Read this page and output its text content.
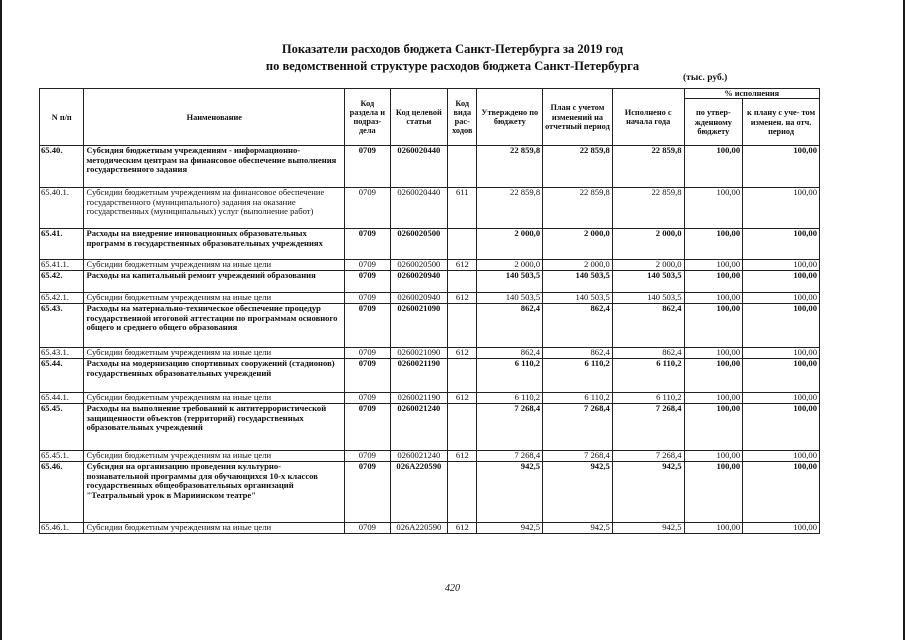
Показатели расходов бюджета Санкт-Петербурга за 2019 год
по ведомственной структуре расходов бюджета Санкт-Петербурга
(тыс. руб.)
N п/п	Наименование	Код раздела и подраз- дела	Код целевой статьи	Код вида рас- ходов	Утверждено по бюджету	План с учетом изменений на отчетный период	Исполнено с начала года	% исполнения	
								по утвер- жденному бюджету	к плану с уче- том изменен. на отч. период
65.40.	Субсидия бюджетным учреждениям - информационно-методическим центрам на финансовое обеспечение выполнения государственного задания	0709	0260020440		22 859,8	22 859,8	22 859,8	100,00	100,00
65.40.1.	Субсидии бюджетным учреждениям на финансовое обеспечение государственного (муниципального) задания на оказание государственных (муниципальных) услуг (выполнение работ)	0709	0260020440	611	22 859,8	22 859,8	22 859,8	100,00	100,00
65.41.	Расходы на внедрение инновационных образовательных программ в государственных образовательных учреждениях	0709	0260020500		2 000,0	2 000,0	2 000,0	100,00	100,00
65.41.1.	Субсидии бюджетным учреждениям на иные цели	0709	0260020500	612	2 000,0	2 000,0	2 000,0	100,00	100,00
65.42.	Расходы на капитальный ремонт учреждений образования	0709	0260020940		140 503,5	140 503,5	140 503,5	100,00	100,00
65.42.1.	Субсидии бюджетным учреждениям на иные цели	0709	0260020940	612	140 503,5	140 503,5	140 503,5	100,00	100,00
65.43.	Расходы на материально-техническое обеспечение процедур государственной итоговой аттестации по программам основного общего и среднего общего образования	0709	0260021090		862,4	862,4	862,4	100,00	100,00
65.43.1.	Субсидии бюджетным учреждениям на иные цели	0709	0260021090	612	862,4	862,4	862,4	100,00	100,00
65.44.	Расходы на модернизацию спортивных сооружений (стадионов) государственных образовательных учреждений	0709	0260021190		6 110,2	6 110,2	6 110,2	100,00	100,00
65.44.1.	Субсидии бюджетным учреждениям на иные цели	0709	0260021190	612	6 110,2	6 110,2	6 110,2	100,00	100,00
65.45.	Расходы на выполнение требований к антитеррористической защищенности объектов (территорий) государственных образовательных учреждений	0709	0260021240		7 268,4	7 268,4	7 268,4	100,00	100,00
65.45.1.	Субсидии бюджетным учреждениям на иные цели	0709	0260021240	612	7 268,4	7 268,4	7 268,4	100,00	100,00
65.46.	Субсидия на организацию проведения культурно-познавательной программы для обучающихся 10-х классов государственных общеобразовательных организаций "Театральный урок в Мариинском театре"	0709	026А220590		942,5	942,5	942,5	100,00	100,00
65.46.1.	Субсидии бюджетным учреждениям на иные цели	0709	026А220590	612	942,5	942,5	942,5	100,00	100,00
420
